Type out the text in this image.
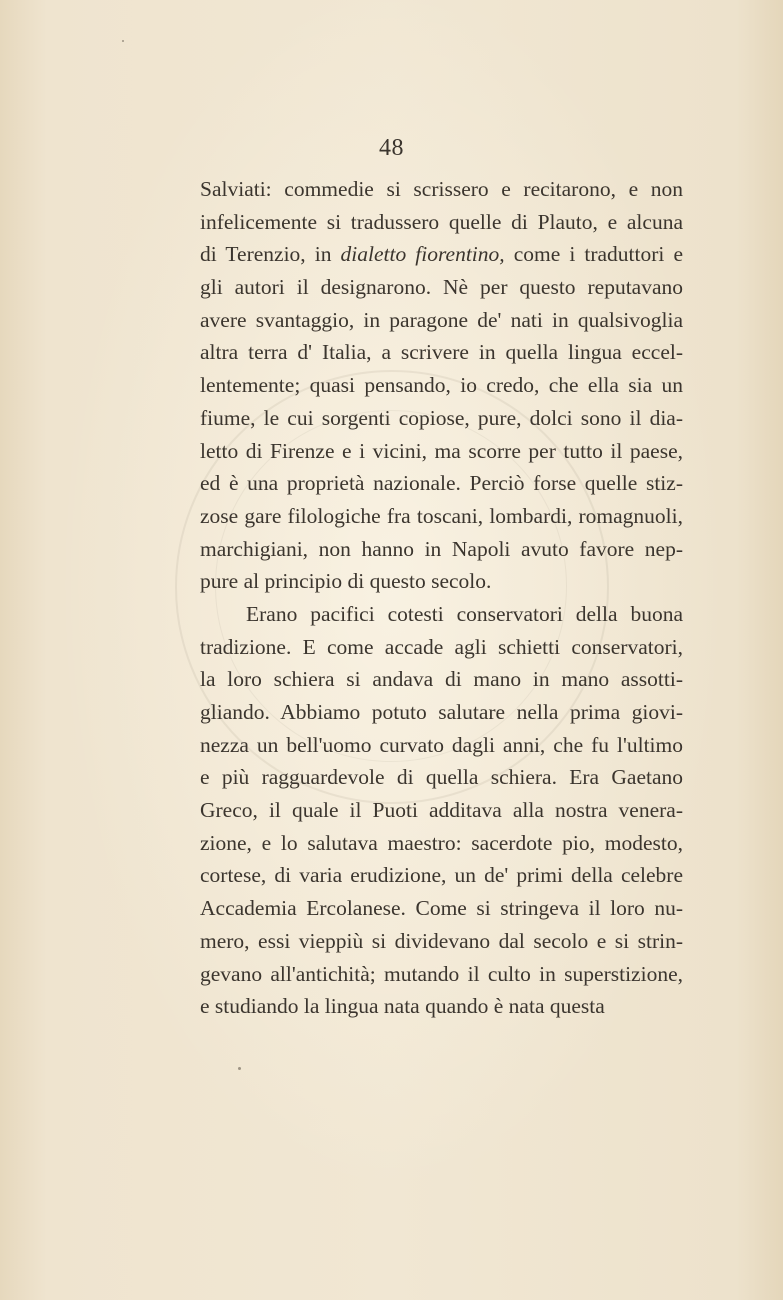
48
Salviati: commedie si scrissero e recitarono, e non
infelicemente si tradussero quelle di Plauto, e alcuna
di Terenzio, in dialetto fiorentino, come i traduttori e
gli autori il designarono. Nè per questo reputavano
avere svantaggio, in paragone de' nati in qualsivoglia
altra terra d' Italia, a scrivere in quella lingua eccel-
lentemente; quasi pensando, io credo, che ella sia un
fiume, le cui sorgenti copiose, pure, dolci sono il dia-
letto di Firenze e i vicini, ma scorre per tutto il paese,
ed è una proprietà nazionale. Perciò forse quelle stiz-
zose gare filologiche fra toscani, lombardi, romagnuoli,
marchigiani, non hanno in Napoli avuto favore nep-
pure al principio di questo secolo.
Erano pacifici cotesti conservatori della buona
tradizione. E come accade agli schietti conservatori,
la loro schiera si andava di mano in mano assotti-
gliando. Abbiamo potuto salutare nella prima giovi-
nezza un bell'uomo curvato dagli anni, che fu l'ultimo
e più ragguardevole di quella schiera. Era Gaetano
Greco, il quale il Puoti additava alla nostra venera-
zione, e lo salutava maestro: sacerdote pio, modesto,
cortese, di varia erudizione, un de' primi della celebre
Accademia Ercolanese. Come si stringeva il loro nu-
mero, essi vieppiù si dividevano dal secolo e si strin-
gevano all'antichità; mutando il culto in superstizione,
e studiando la lingua nata quando è nata questa
